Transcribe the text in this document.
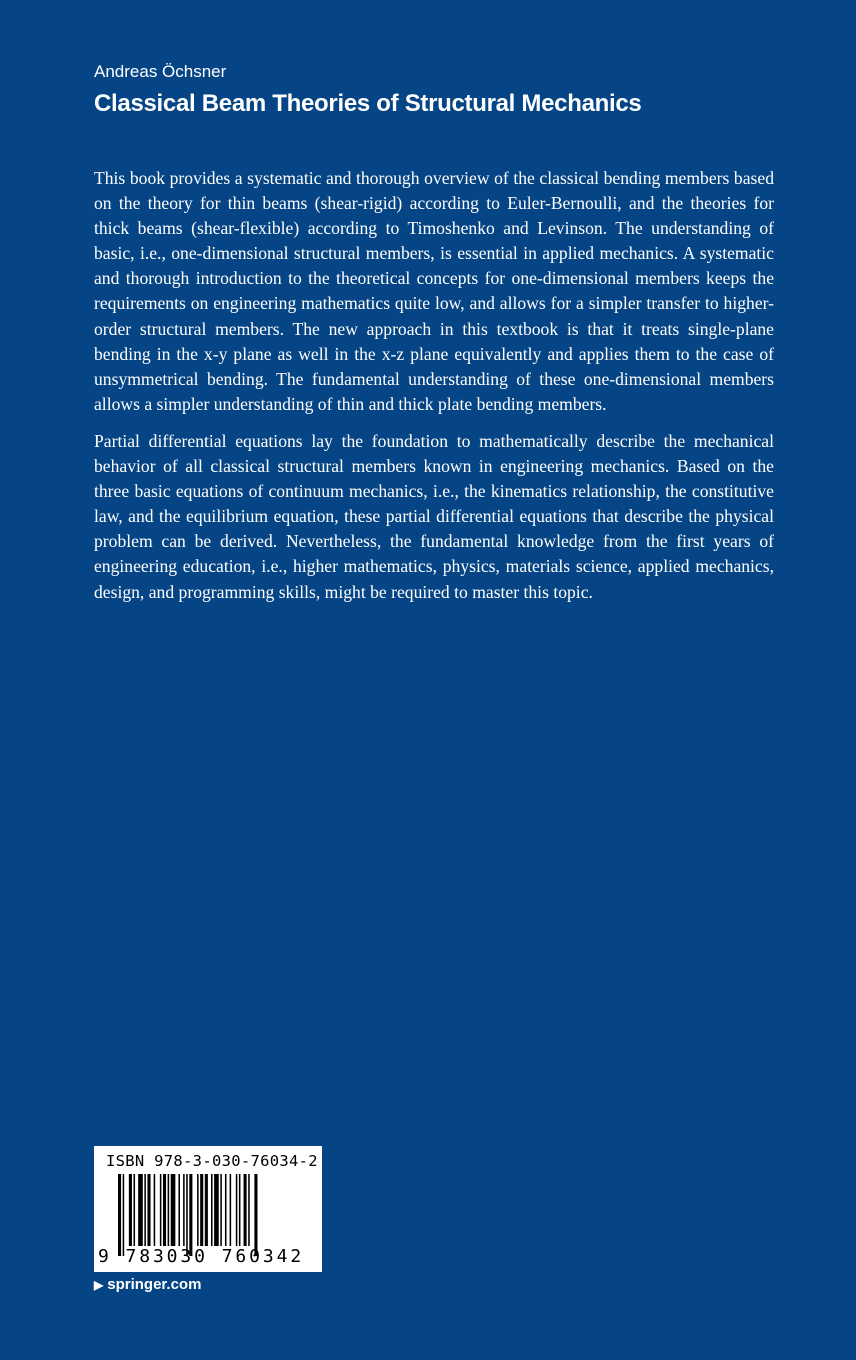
Andreas Öchsner
Classical Beam Theories of Structural Mechanics

This book provides a systematic and thorough overview of the classical bending members based on the theory for thin beams (shear-rigid) according to Euler-Bernoulli, and the theories for thick beams (shear-flexible) according to Timoshenko and Levinson. The understanding of basic, i.e., one-dimensional structural members, is essential in applied mechanics. A systematic and thorough introduction to the theoretical concepts for one-dimensional members keeps the requirements on engineering mathematics quite low, and allows for a simpler transfer to higher-order structural members. The new approach in this textbook is that it treats single-plane bending in the x-y plane as well in the x-z plane equivalently and applies them to the case of unsymmetrical bending. The fundamental understanding of these one-dimensional members allows a simpler understanding of thin and thick plate bending members.

Partial differential equations lay the foundation to mathematically describe the mechanical behavior of all classical structural members known in engineering mechanics. Based on the three basic equations of continuum mechanics, i.e., the kinematics relationship, the constitutive law, and the equilibrium equation, these partial differential equations that describe the physical problem can be derived. Nevertheless, the fundamental knowledge from the first years of engineering education, i.e., higher mathematics, physics, materials science, applied mechanics, design, and programming skills, might be required to master this topic.

ISBN 978-3-030-76034-2
9 783030 760342
▶ springer.com
